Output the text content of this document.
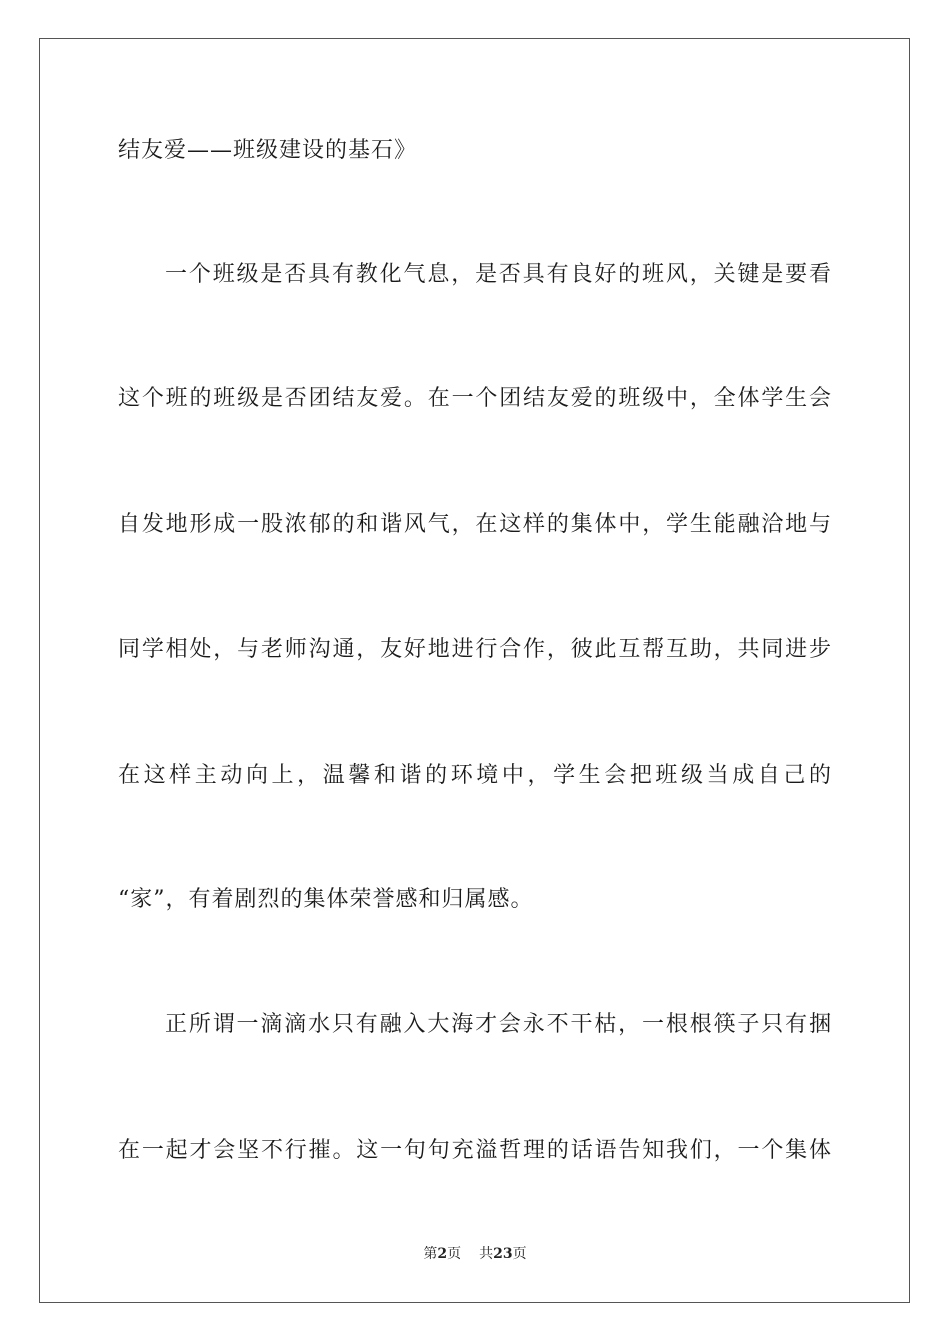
结友爱——班级建设的基石》
一个班级是否具有教化气息，是否具有良好的班风，关键是要看
这个班的班级是否团结友爱。在一个团结友爱的班级中，全体学生会
自发地形成一股浓郁的和谐风气，在这样的集体中，学生能融洽地与
同学相处，与老师沟通，友好地进行合作，彼此互帮互助，共同进步
在这样主动向上，温馨和谐的环境中，学生会把班级当成自己的
“家”，有着剧烈的集体荣誉感和归属感。
正所谓一滴滴水只有融入大海才会永不干枯，一根根筷子只有捆
在一起才会坚不行摧。这一句句充溢哲理的话语告知我们，一个集体
第2页 共23页
